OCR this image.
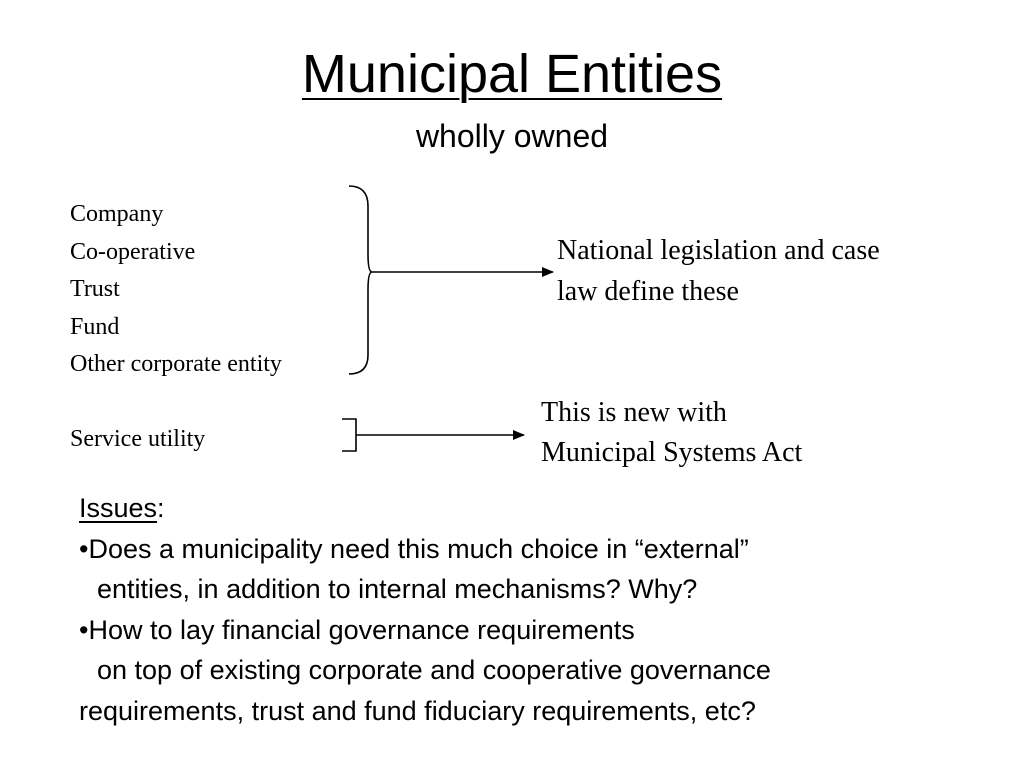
Municipal Entities
wholly owned
Company
Co-operative
Trust
Fund
Other corporate entity
Service utility
National legislation and case
law define these
This is new with
Municipal Systems Act
Issues:
•Does a municipality need this much choice in “external”
entities, in addition to internal mechanisms? Why?
•How to lay financial governance requirements
on top of existing corporate and cooperative governance
requirements, trust and fund fiduciary requirements, etc?
